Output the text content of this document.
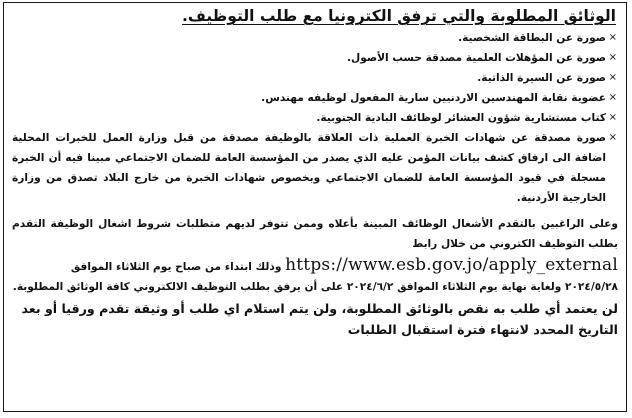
الوثائق المطلوبة والتي ترفق الكترونيا مع طلب التوظيف.
×
صورة عن البطاقة الشخصية.
×
صورة عن المؤهلات العلمية مصدقة حسب الأصول.
×
صورة عن السيرة الذاتية.
×
عضوية نقابة المهندسين الاردنيين سارية المفعول لوظيفه مهندس.
×
كتاب مستشارية شؤون العشائر لوظائف البادية الجنوبية.
×
صورة مصدقة عن شهادات الخبرة العملية ذات العلاقة بالوظيفة مصدقة من قبل وزارة العمل للخبرات المحلية اضافة الى ارفاق كشف بيانات المؤمن عليه الذي يصدر من المؤسسة العامة للضمان الاجتماعي مبينا فيه أن الخبرة مسجلة في قيود المؤسسة العامة للضمان الاجتماعي وبخصوص شهادات الخبرة من خارج البلاد تصدق من وزارة الخارجية الأردنية.

وعلى الراغبين بالتقدم الأشغال الوظائف المبينة بأعلاه وممن تتوفر لديهم متطلبات شروط اشغال الوظيفة التقدم بطلب التوظيف الكتروني من خلال رابط

https://www.esb.gov.jo/apply_external وذلك ابتداء من صباح يوم الثلاثاء الموافق

٢٠٢٤/٥/٢٨ ولغاية نهاية يوم الثلاثاء الموافق ٢٠٢٤/٦/٢ على أن يرفق بطلب التوظيف الالكتروني كافة الوثائق المطلوبة.

لن يعتمد أي طلب به نقص بالوثائق المطلوبة، ولن يتم استلام اي طلب أو وثيقة تقدم ورقيا أو بعد التاريخ المحدد لانتهاء فترة استقبال الطلبات
